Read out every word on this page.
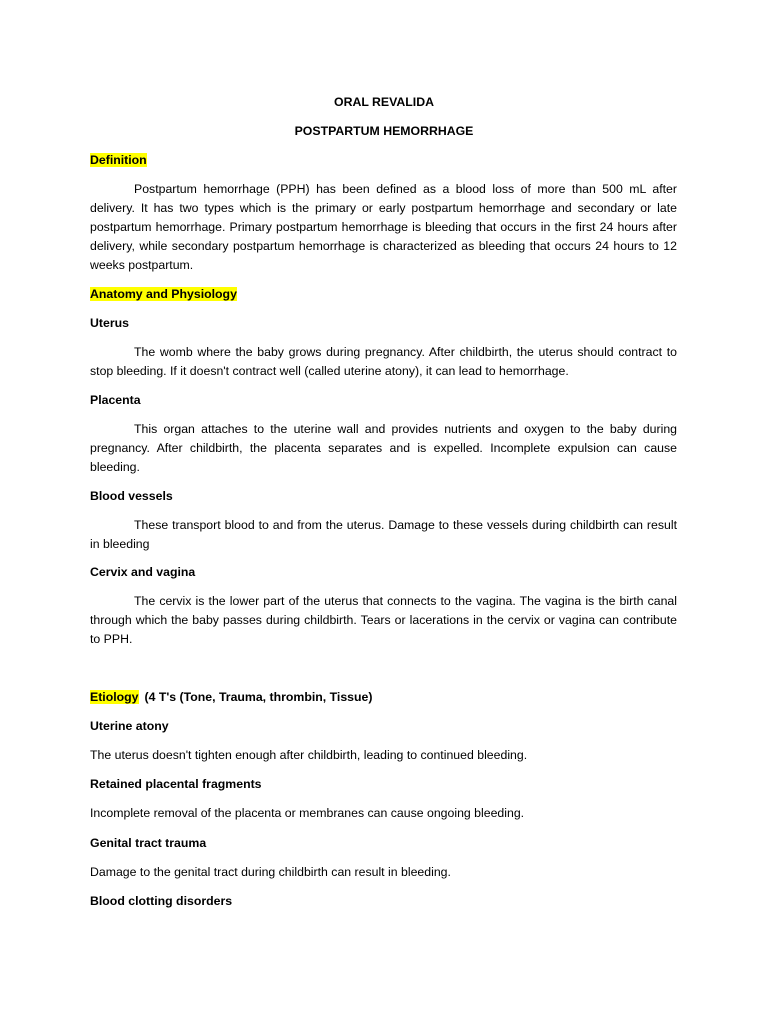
ORAL REVALIDA
POSTPARTUM HEMORRHAGE
Definition

Postpartum hemorrhage (PPH) has been defined as a blood loss of more than 500 mL after delivery. It has two types which is the primary or early postpartum hemorrhage and secondary or late postpartum hemorrhage. Primary postpartum hemorrhage is bleeding that occurs in the first 24 hours after delivery, while secondary postpartum hemorrhage is characterized as bleeding that occurs 24 hours to 12 weeks postpartum.

Anatomy and Physiology
Uterus

The womb where the baby grows during pregnancy. After childbirth, the uterus should contract to stop bleeding. If it doesn't contract well (called uterine atony), it can lead to hemorrhage.

Placenta

This organ attaches to the uterine wall and provides nutrients and oxygen to the baby during pregnancy. After childbirth, the placenta separates and is expelled. Incomplete expulsion can cause bleeding.

Blood vessels

These transport blood to and from the uterus. Damage to these vessels during childbirth can result in bleeding

Cervix and vagina

The cervix is the lower part of the uterus that connects to the vagina. The vagina is the birth canal through which the baby passes during childbirth. Tears or lacerations in the cervix or vagina can contribute to PPH.

Etiology (4 T's (Tone, Trauma, thrombin, Tissue)
Uterine atony

The uterus doesn't tighten enough after childbirth, leading to continued bleeding.

Retained placental fragments

Incomplete removal of the placenta or membranes can cause ongoing bleeding.

Genital tract trauma

Damage to the genital tract during childbirth can result in bleeding.

Blood clotting disorders
